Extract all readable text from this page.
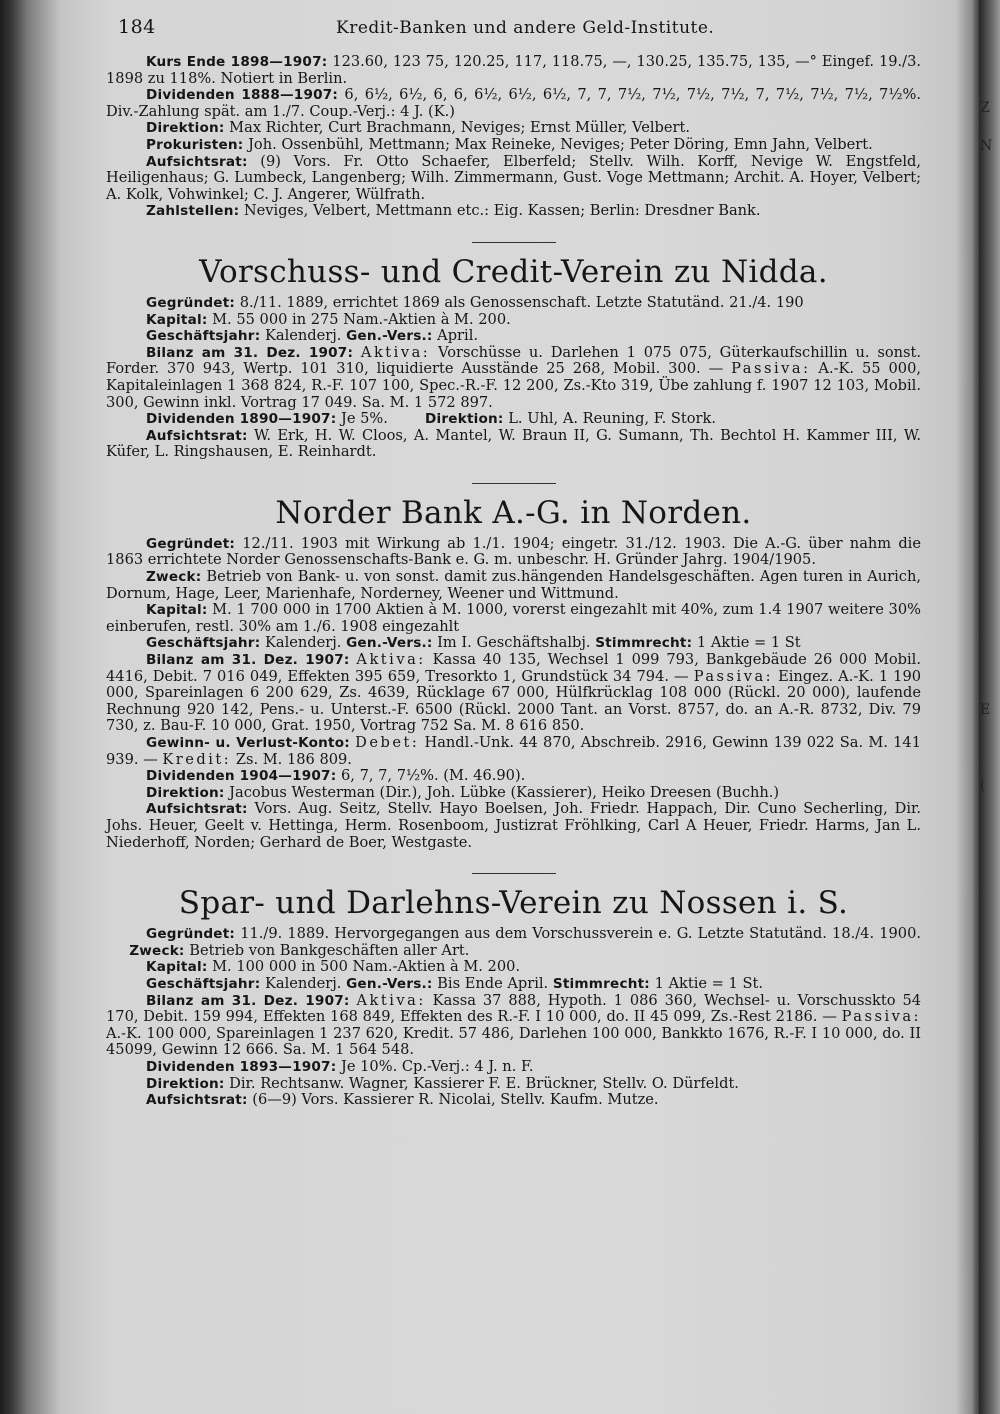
Z
N
E
(
184	Kredit-Banken und andere Geld-Institute.

Kurs Ende 1898—1907: 123.60, 123 75, 120.25, 117, 118.75, —, 130.25, 135.75, 135, —° Eingef. 19./3. 1898 zu 118%. Notiert in Berlin.

Dividenden 1888—1907: 6, 6½, 6½, 6, 6, 6½, 6½, 6½, 7, 7, 7½, 7½, 7½, 7½, 7, 7½, 7½, 7½, 7½%. Div.-Zahlung spät. am 1./7. Coup.-Verj.: 4 J. (K.)

Direktion: Max Richter, Curt Brachmann, Neviges; Ernst Müller, Velbert.

Prokuristen: Joh. Ossenbühl, Mettmann; Max Reineke, Neviges; Peter Döring, Emn Jahn, Velbert.

Aufsichtsrat: (9) Vors. Fr. Otto Schaefer, Elberfeld; Stellv. Wilh. Korff, Nevige W. Engstfeld, Heiligenhaus; G. Lumbeck, Langenberg; Wilh. Zimmermann, Gust. Voge Mettmann; Archit. A. Hoyer, Velbert; A. Kolk, Vohwinkel; C. J. Angerer, Wülfrath.

Zahlstellen: Neviges, Velbert, Mettmann etc.: Eig. Kassen; Berlin: Dresdner Bank.

Vorschuss- und Credit-Verein zu Nidda.

Gegründet: 8./11. 1889, errichtet 1869 als Genossenschaft. Letzte Statutänd. 21./4. 190

Kapital: M. 55 000 in 275 Nam.-Aktien à M. 200.

Geschäftsjahr: Kalenderj. Gen.-Vers.: April.

Bilanz am 31. Dez. 1907: Aktiva: Vorschüsse u. Darlehen 1 075 075, Güterkaufschillin u. sonst. Forder. 370 943, Wertp. 101 310, liquidierte Ausstände 25 268, Mobil. 300. — Passiva: A.-K. 55 000, Kapitaleinlagen 1 368 824, R.-F. 107 100, Spec.-R.-F. 12 200, Zs.-Kto 319, Übe zahlung f. 1907 12 103, Mobil. 300, Gewinn inkl. Vortrag 17 049. Sa. M. 1 572 897.

Dividenden 1890—1907: Je 5%.	Direktion: L. Uhl, A. Reuning, F. Stork.

Aufsichtsrat: W. Erk, H. W. Cloos, A. Mantel, W. Braun II, G. Sumann, Th. Bechtol H. Kammer III, W. Küfer, L. Ringshausen, E. Reinhardt.

Norder Bank A.-G. in Norden.

Gegründet: 12./11. 1903 mit Wirkung ab 1./1. 1904; eingetr. 31./12. 1903. Die A.-G. über nahm die 1863 errichtete Norder Genossenschafts-Bank e. G. m. unbeschr. H. Gründer Jahrg. 1904/1905.

Zweck: Betrieb von Bank- u. von sonst. damit zus.hängenden Handelsgeschäften. Agen turen in Aurich, Dornum, Hage, Leer, Marienhafe, Norderney, Weener und Wittmund.

Kapital: M. 1 700 000 in 1700 Aktien à M. 1000, vorerst eingezahlt mit 40%, zum 1.4 1907 weitere 30% einberufen, restl. 30% am 1./6. 1908 eingezahlt

Geschäftsjahr: Kalenderj. Gen.-Vers.: Im I. Geschäftshalbj. Stimmrecht: 1 Aktie = 1 St

Bilanz am 31. Dez. 1907: Aktiva: Kassa 40 135, Wechsel 1 099 793, Bankgebäude 26 000 Mobil. 4416, Debit. 7 016 049, Effekten 395 659, Tresorkto 1, Grundstück 34 794. — Passiva: Eingez. A.-K. 1 190 000, Spareinlagen 6 200 629, Zs. 4639, Rücklage 67 000, Hülfkrücklag 108 000 (Rückl. 20 000), laufende Rechnung 920 142, Pens.- u. Unterst.-F. 6500 (Rückl. 2000 Tant. an Vorst. 8757, do. an A.-R. 8732, Div. 79 730, z. Bau-F. 10 000, Grat. 1950, Vortrag 752 Sa. M. 8 616 850.

Gewinn- u. Verlust-Konto: Debet: Handl.-Unk. 44 870, Abschreib. 2916, Gewinn 139 022 Sa. M. 141 939. — Kredit: Zs. M. 186 809.

Dividenden 1904—1907: 6, 7, 7, 7½%. (M. 46.90).

Direktion: Jacobus Westerman (Dir.), Joh. Lübke (Kassierer), Heiko Dreesen (Buchh.)

Aufsichtsrat: Vors. Aug. Seitz, Stellv. Hayo Boelsen, Joh. Friedr. Happach, Dir. Cuno Secherling, Dir. Johs. Heuer, Geelt v. Hettinga, Herm. Rosenboom, Justizrat Fröhlking, Carl A Heuer, Friedr. Harms, Jan L. Niederhoff, Norden; Gerhard de Boer, Westgaste.

Spar- und Darlehns-Verein zu Nossen i. S.

Gegründet: 11./9. 1889. Hervorgegangen aus dem Vorschussverein e. G. Letzte Statutänd. 18./4. 1900.      Zweck: Betrieb von Bankgeschäften aller Art.

Kapital: M. 100 000 in 500 Nam.-Aktien à M. 200.

Geschäftsjahr: Kalenderj. Gen.-Vers.: Bis Ende April. Stimmrecht: 1 Aktie = 1 St.

Bilanz am 31. Dez. 1907: Aktiva: Kassa 37 888, Hypoth. 1 086 360, Wechsel- u. Vorschusskto 54 170, Debit. 159 994, Effekten 168 849, Effekten des R.-F. I 10 000, do. II 45 099, Zs.-Rest 2186. — Passiva: A.-K. 100 000, Spareinlagen 1 237 620, Kredit. 57 486, Darlehen 100 000, Bankkto 1676, R.-F. I 10 000, do. II 45099, Gewinn 12 666. Sa. M. 1 564 548.

Dividenden 1893—1907: Je 10%. Cp.-Verj.: 4 J. n. F.

Direktion: Dir. Rechtsanw. Wagner, Kassierer F. E. Brückner, Stellv. O. Dürfeldt.

Aufsichtsrat: (6—9) Vors. Kassierer R. Nicolai, Stellv. Kaufm. Mutze.
